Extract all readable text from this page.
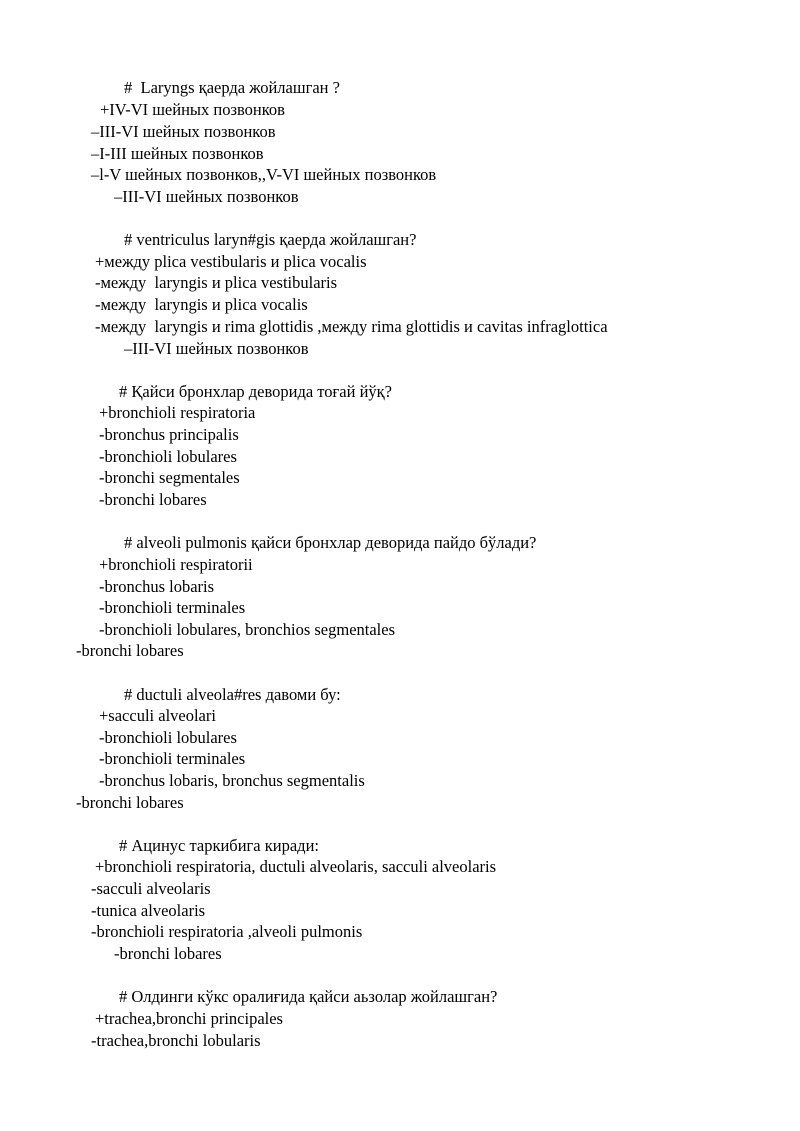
#  Laryngs қаерда жойлашган ?
+IV-VI шейных позвонков
–III-VI шейных позвонков
–I-III шейных позвонков
–l-V шейных позвонков,,V-VI шейных позвонков
–III-VI шейных позвонков
# ventriculus laryn#gis қаерда жойлашган?
+между plica vestibularis и plica vocalis
-между  laryngis и plica vestibularis
-между  laryngis и plica vocalis
-между  laryngis и rima glottidis ,между rima glottidis и cavitas infraglottica
–III-VI шейных позвонков
# Қайси бронхлар деворида тоғай йўқ?
+bronchioli respiratoria
-bronchus principalis
-bronchioli lobulares
-bronchi segmentales
-bronchi lobares
# alveoli pulmonis қайси бронхлар деворида пайдо бўлади?
+bronchioli respiratorii
-bronchus lobaris
-bronchioli terminales
-bronchioli lobulares, bronchios segmentales
-bronchi lobares
# ductuli alveola#res давоми бу:
+sacculi alveolari
-bronchioli lobulares
-bronchioli terminales
-bronchus lobaris, bronchus segmentalis
-bronchi lobares
# Ацинус таркибига киради:
+bronchioli respiratoria, ductuli alveolaris, sacculi alveolaris
-sacculi alveolaris
-tunica alveolaris
-bronchioli respiratoria ,alveoli pulmonis
-bronchi lobares
# Олдинги кўкс оралиғида қайси аьзолар жойлашган?
+trachea,bronchi principales
-trachea,bronchi lobularis
